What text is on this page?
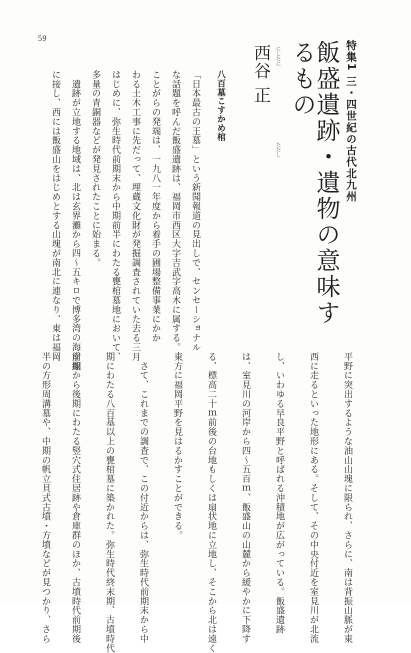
59
特集1 三・四世紀の古代北九州
飯盛遺跡・遺物の意味するもの
西谷 正 にしたにただし
八百墓こすかめ棺
「日本最古の王墓」という新聞報道の見出しで、センセーショナル
な話題を呼んだ飯盛遺跡は、福岡市西区大字吉武字高木に属する。
ことがらの発端は、一九八一年度から着手の圃場整備事業にかか
わる土木工事に先だって、埋蔵文化財が発掘調査されていた去る三月
はじめに、弥生時代前期末から中期前半にわたる甕棺墓地において、
多量の青銅器などが発見されたことに始まる。
　遺跡が立地する地域は、北は玄界灘から四～五キロで博多湾の海岸線
に接し、西には飯盛山をはじめとする山塊が南北に連なり、東は福岡
平野に突出するような油山山塊に限られ、さらに、南は背振山脈が東
西に走るといった地形にある。そして、その中央付近を室見川が北流
し、いわゆる早良平野と呼ばれる沖積地が広がっている。飯盛遺跡
は、室見川の河岸から四～五百ｍ、飯盛山の山麓から緩やかに下降す
る、標高二十ｍ前後の台地もしくは扇状地に立地し、そこから北は遠く
東方に福岡平野を見はるかすことができる。
　さて、これまでの調査で、この付近からは、弥生時代前期末から中
期にわたる八百基以上の甕棺墓に築かれた。弥生時代終末期、古墳時代
前期から後期にわたる竪穴式住居跡や倉庫群のほか、古墳時代前期後
半の方形周溝墓や、中期の帆立貝式古墳・方墳などが見つかり、さら
